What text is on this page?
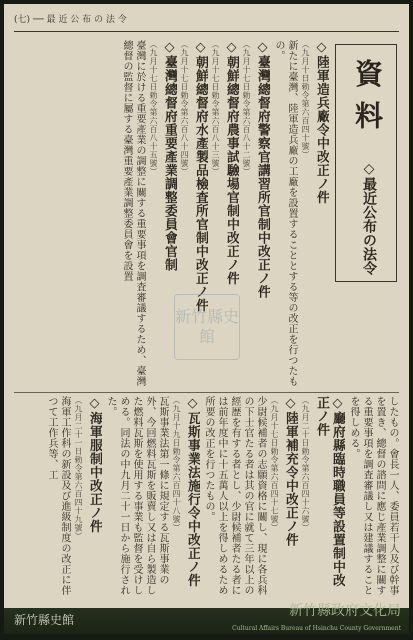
(七) ── 最 近 公 布 の 法 令
資料
◇最近公布の法令
◇陸軍造兵廠令中改正ノ件
（九月十日勅令第六百四十號）
新たに臺灣、陸軍造兵廠の工廠を設置することとする等の改正を行つたもの。
◇臺灣總督府警察官講習所官制中改正ノ件
（九月十七日勅令第六百八十二號）
◇朝鮮總督府農事試驗場官制中改正ノ件
（九月十七日勅令第六百八十三號）
◇朝鮮總督府水產製品檢査所官制中改正ノ件
（九月十七日勅令第六百八十四號）
◇臺灣總督府重要產業調整委員會官制
（九月十七日勅令第六百八十五號）
臺灣に於ける重要產業の調整に關する重要事項を調査審議するため、臺灣總督の監督に屬する臺灣重要產業調整委員會を設置
新竹縣史館
したもの。會長一人、委員若干人及び幹事を置き、總督の諮問に應じ產業調整に關する重要事項を調査審議し又は建議することを得しめる。
◇廳府縣臨時職員等設置制中改正ノ件
（九月二十日勅令第六百四十六號）
◇陸軍補充令中改正ノ件
（九月十七日勅令第六百四十七號）
少尉候補者の志願資格に關し、現に各兵科の下士官たる者は其の官に就て三年以上の經歴を有する者とし、少尉候補者たる者には前年度中に十五萬人以上を得しめるため所要の改正を行つたもの。
◇瓦斯事業法施行令中改正ノ件
（九月十九日勅令第六百四十八號）
瓦斯事業法第一條に規定する瓦斯事業の外、今回燃料瓦斯を販賣し又は自ら製造した燃料瓦斯を使用する事業も監督を受けしめる。同法の中九月二十一日から施行された。
◇海軍服制中改正ノ件
（九月二十一日勅令第六百四十九號）
海軍工作科の新設及び進級制度の改正に伴つて工作兵等、工
新竹縣史館
新竹縣政府文化局
Cultural Affairs Bureau of Hsinchu County Government
